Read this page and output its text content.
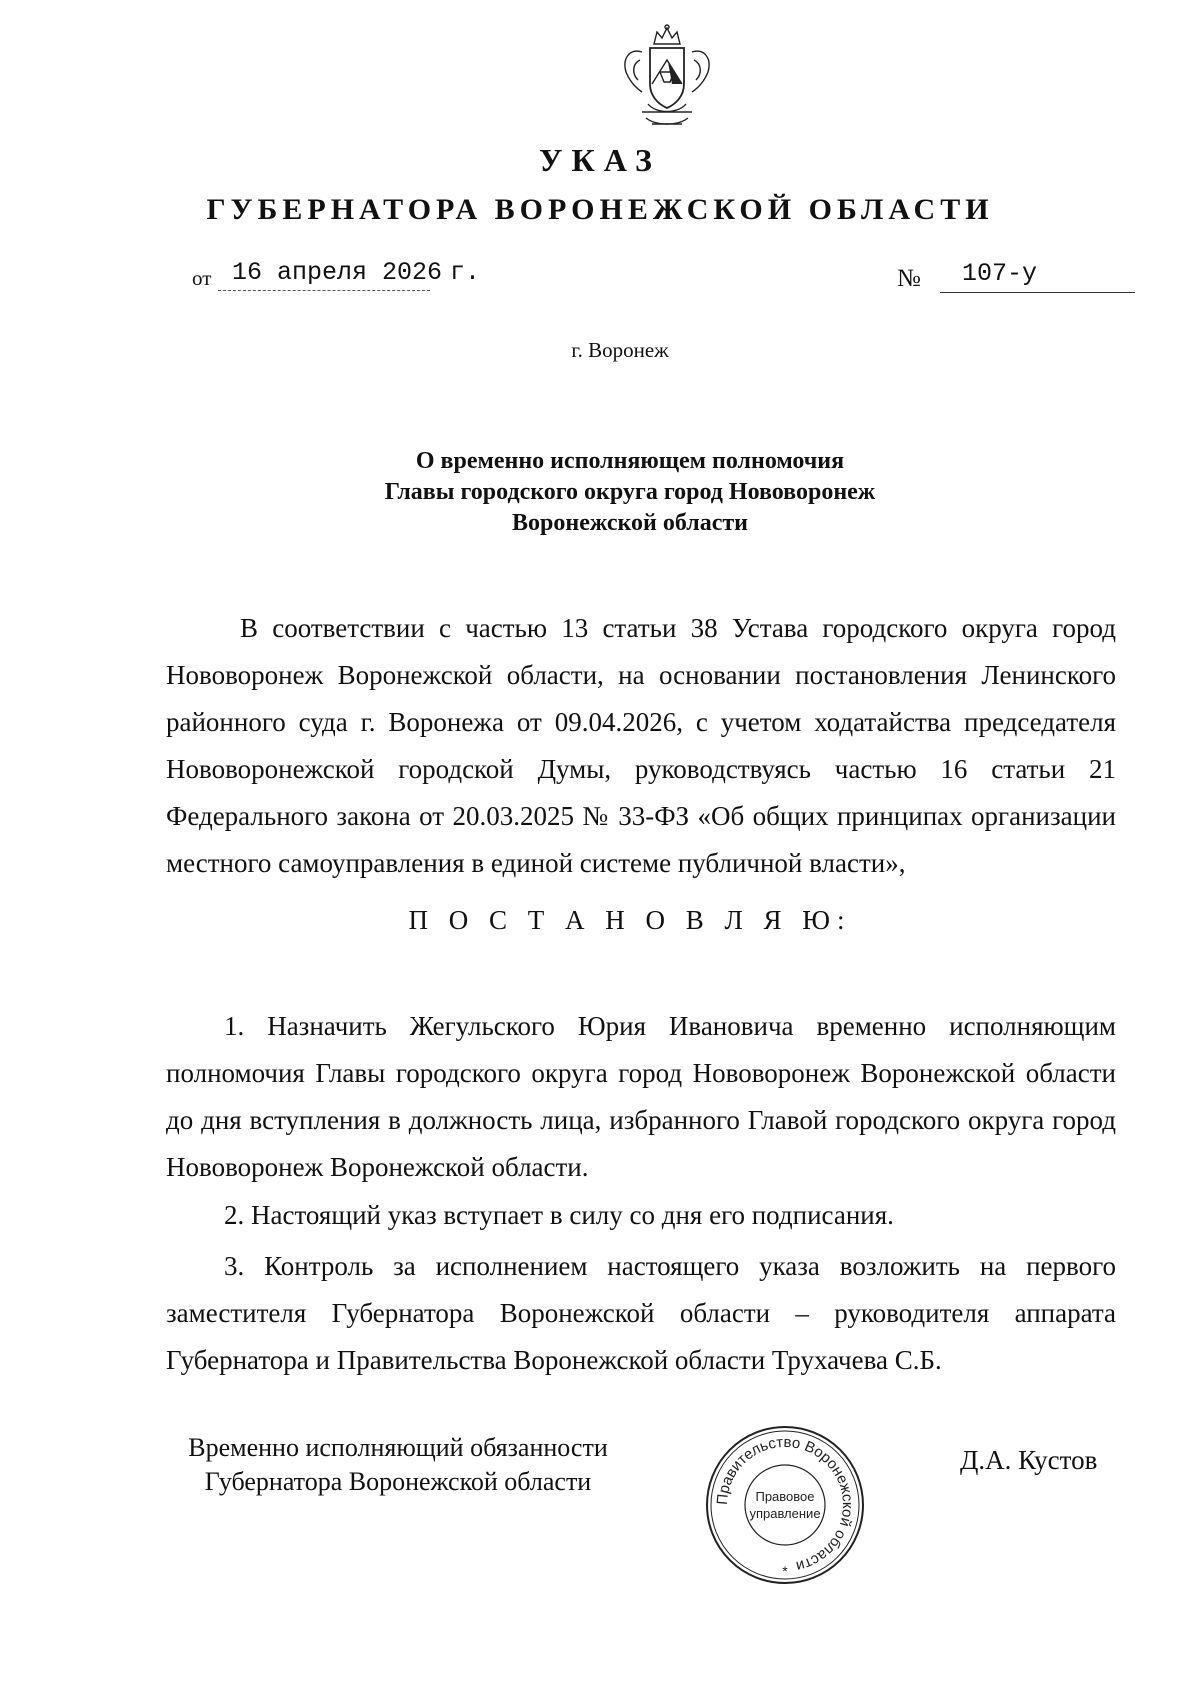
УКАЗ
ГУБЕРНАТОРА ВОРОНЕЖСКОЙ ОБЛАСТИ
от 16 апреля 2026 г.	№ 107-у
г. Воронеж
О временно исполняющем полномочия
Главы городского округа город Нововоронеж
Воронежской области
В соответствии с частью 13 статьи 38 Устава городского округа город Нововоронеж Воронежской области, на основании постановления Ленинского районного суда г. Воронежа от 09.04.2026, с учетом ходатайства председателя Нововоронежской городской Думы, руководствуясь частью 16 статьи 21 Федерального закона от 20.03.2025 № 33-ФЗ «Об общих принципах организации местного самоуправления в единой системе публичной власти»,
П О С Т А Н О В Л Я Ю:
1. Назначить Жегульского Юрия Ивановича временно исполняющим полномочия Главы городского округа город Нововоронеж Воронежской области до дня вступления в должность лица, избранного Главой городского округа город Нововоронеж Воронежской области.
2. Настоящий указ вступает в силу со дня его подписания.
3. Контроль за исполнением настоящего указа возложить на первого заместителя Губернатора Воронежской области – руководителя аппарата Губернатора и Правительства Воронежской области Трухачева С.Б.
Временно исполняющий обязанности
Губернатора Воронежской области
Правительство Воронежской области
Правовое
управление
*
Д.А. Кустов
